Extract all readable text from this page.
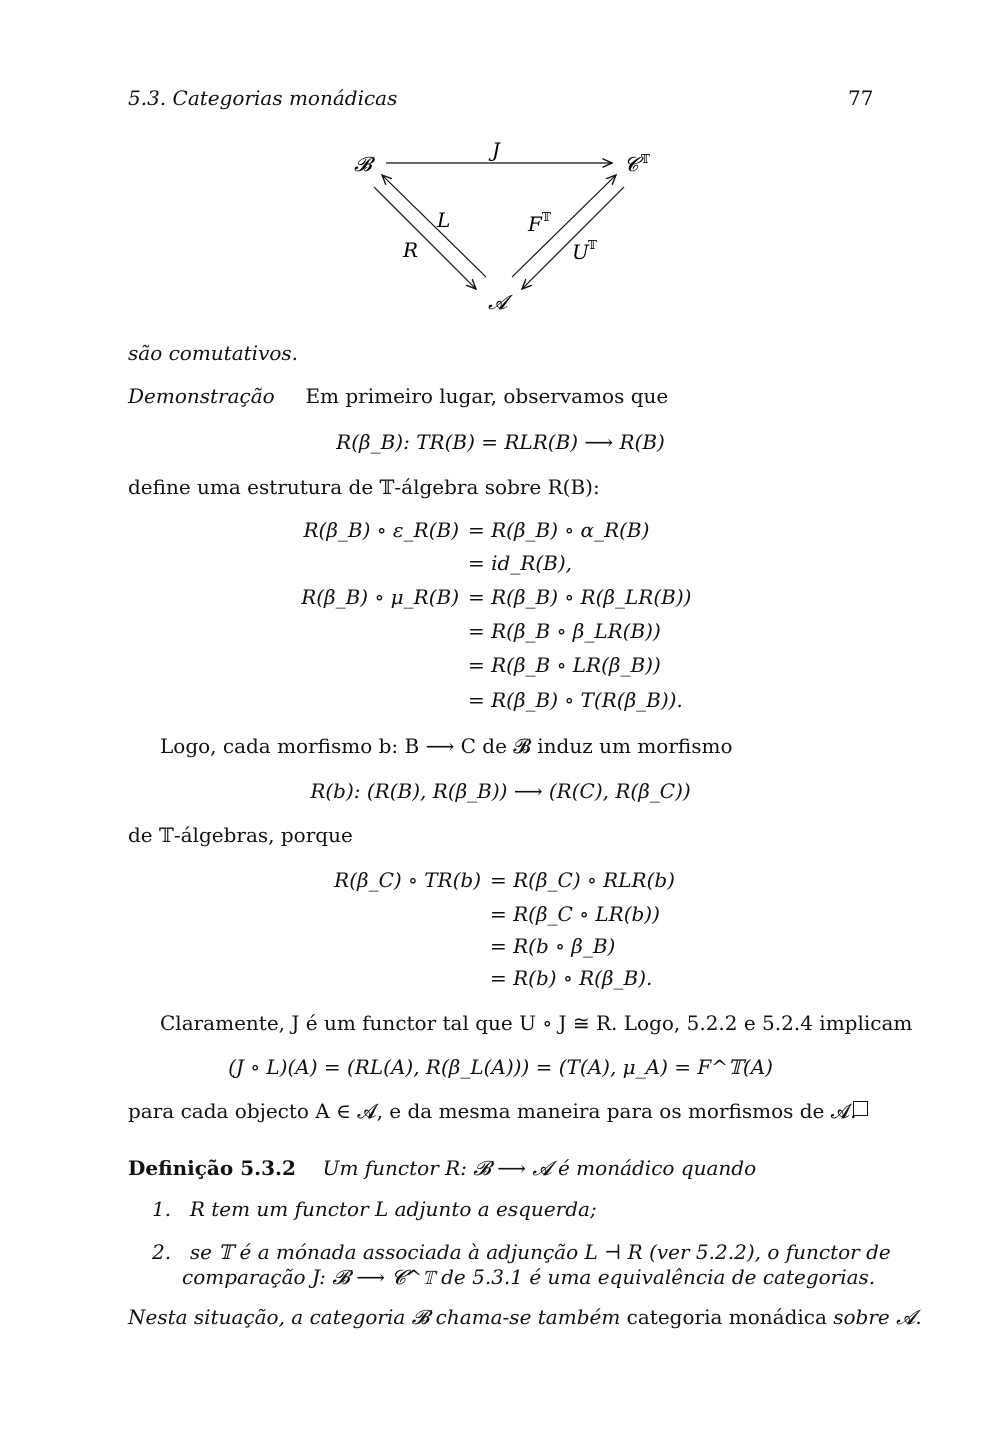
5.3. Categorias monádicas	77
𝓑	𝓒 𝕋
𝓐
J
L
R
F 𝕋
U 𝕋
são comutativos.
Demonstração Em primeiro lugar, observamos que
R(β_B): TR(B) = RLR(B) ⟶ R(B)
define uma estrutura de 𝕋-álgebra sobre R(B):
R(β_B) ∘ ε_R(B) = R(β_B) ∘ α_R(B)
= id_R(B),
R(β_B) ∘ μ_R(B) = R(β_B) ∘ R(β_LR(B))
= R(β_B ∘ β_LR(B))
= R(β_B ∘ LR(β_B))
= R(β_B) ∘ T(R(β_B)).
Logo, cada morfismo b: B ⟶ C de 𝓑 induz um morfismo
R(b): (R(B), R(β_B)) ⟶ (R(C), R(β_C))
de 𝕋-álgebras, porque
R(β_C) ∘ TR(b) = R(β_C) ∘ RLR(b)
= R(β_C ∘ LR(b))
= R(b ∘ β_B)
= R(b) ∘ R(β_B).
Claramente, J é um functor tal que U ∘ J ≅ R. Logo, 5.2.2 e 5.2.4 implicam
(J ∘ L)(A) = (RL(A), R(β_L(A))) = (T(A), μ_A) = F^𝕋(A)
para cada objecto A ∈ 𝓐, e da mesma maneira para os morfismos de 𝓐.
Definição 5.3.2 Um functor R: 𝓑 ⟶ 𝓐 é monádico quando
1. R tem um functor L adjunto a esquerda;
2. se 𝕋 é a mónada associada à adjunção L ⊣ R (ver 5.2.2), o functor de
comparação J: 𝓑 ⟶ 𝓒^𝕋 de 5.3.1 é uma equivalência de categorias.
Nesta situação, a categoria 𝓑 chama-se também categoria monádica sobre 𝓐.
